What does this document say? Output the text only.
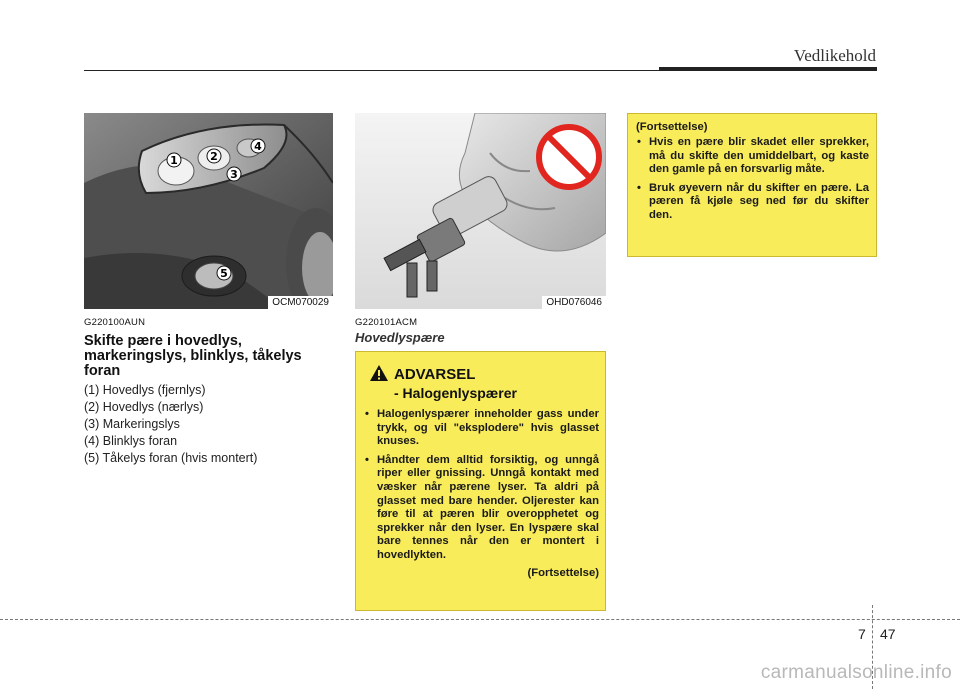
Vedlikehold
1	2
3
4
5
OCM070029	OHD076046
G220100AUN
Skifte pære i hovedlys, markeringslys, blinklys, tåkelys foran
(1) Hovedlys (fjernlys)
(2) Hovedlys (nærlys)
(3) Markeringslys
(4) Blinklys foran
(5) Tåkelys foran (hvis montert)
G220101ACM
Hovedlyspære
ADVARSEL
- Halogenlyspærer
• Halogenlyspærer inneholder gass under trykk, og vil "eksplodere" hvis glasset knuses.
• Håndter dem alltid forsiktig, og unngå riper eller gnissing. Unngå kontakt med væsker når pærene lyser. Ta aldri på glasset med bare hender. Oljerester kan føre til at pæren blir overopphetet og sprekker når den lyser. En lyspære skal bare tennes når den er montert i hovedlykten.
(Fortsettelse)
(Fortsettelse)
• Hvis en pære blir skadet eller sprekker, må du skifte den umiddelbart, og kaste den gamle på en forsvarlig måte.
• Bruk øyevern når du skifter en pære. La pæren få kjøle seg ned før du skifter den.
7 47
carmanualsonline.info
